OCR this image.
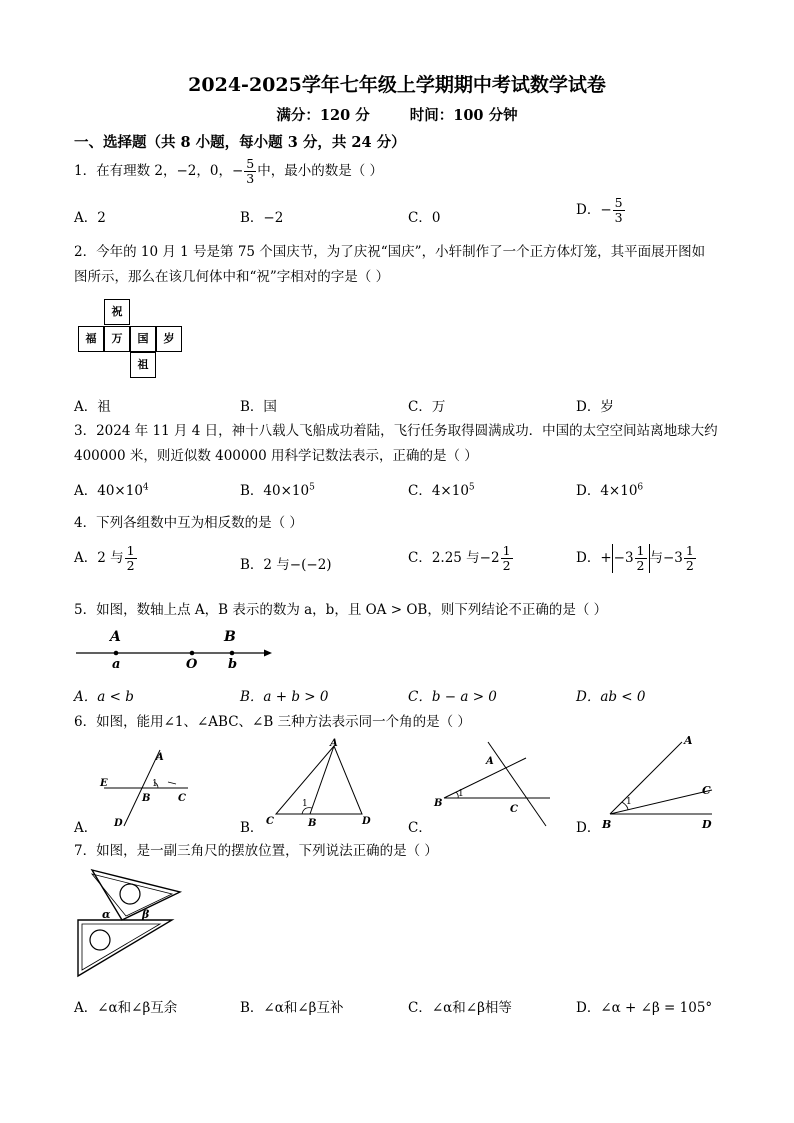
2024-2025学年七年级上学期期中考试数学试卷
满分：120 分	时间：100 分钟
一、选择题（共 8 小题，每小题 3 分，共 24 分）
1．在有理数 2，−2，0，− $\frac{5}{3}$ 中，最小的数是（ ）
A．2	B．−2	C．0	D．− $\frac{5}{3}$
2．今年的 10 月 1 号是第 75 个国庆节，为了庆祝“国庆”，小轩制作了一个正方体灯笼，其平面展开图如
图所示，那么在该几何体中和“祝”字相对的字是（ ）
祝
福	万	国	岁
祖
A．祖	B．国	C．万	D．岁
3．2024 年 11 月 4 日，神十八载人飞船成功着陆，飞行任务取得圆满成功．中国的太空空间站离地球大约
400000 米，则近似数 400000 用科学记数法表示，正确的是（ ）
A．$40\times 10^4$	B．$40\times 10^5$	C．$4\times 10^5$	D．$4\times 10^6$
4．下列各组数中互为相反数的是（ ）
A．2 与 $\frac{1}{2}$	B．2 与−(−2)	C．2.25 与$-2 \frac{1}{2}$	D．+ $-3 \frac{1}{2}$ 与$-3 \frac{1}{2}$
5．如图，数轴上点 A，B 表示的数为 a，b，且 OA > OB，则下列结论不正确的是（ ）
A	B
a	O b
A．a < b	B．a + b > 0	C．b − a > 0	D．ab < 0
6．如图，能用∠1、∠ABC、∠B 三种方法表示同一个角的是（ ）
A．
A
E
B	C
D
1
B．
A
C	B	D
1
C．
A
B
C
1
D．
A
C
B	D
1
7．如图，是一副三角尺的摆放位置，下列说法正确的是（ ）
α	β
A．∠α和∠β互余	B．∠α和∠β互补	C．∠α和∠β相等	D．∠α + ∠β = 105°
